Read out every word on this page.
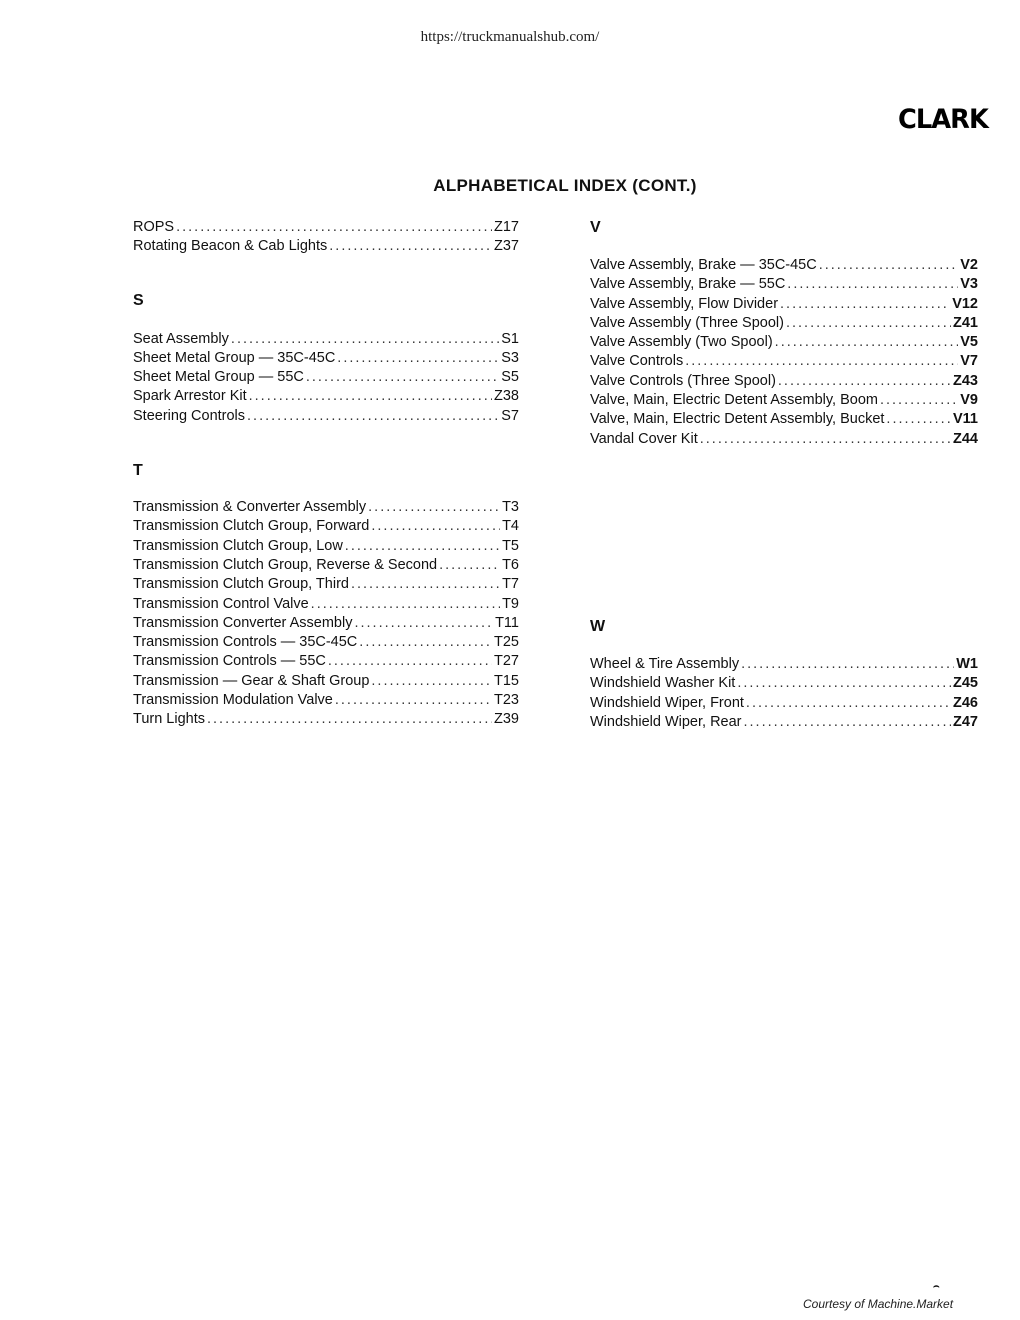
https://truckmanualshub.com/
CLARK
ALPHABETICAL INDEX (CONT.)
ROPS .....	Z17
Rotating Beacon & Cab Lights .....	Z37
S
Seat Assembly .....	S1
Sheet Metal Group — 35C-45C .....	S3
Sheet Metal Group — 55C .....	S5
Spark Arrestor Kit .....	Z38
Steering Controls .....	S7
T
Transmission & Converter Assembly .....	T3
Transmission Clutch Group, Forward .....	T4
Transmission Clutch Group, Low .....	T5
Transmission Clutch Group, Reverse & Second .....	T6
Transmission Clutch Group, Third .....	T7
Transmission Control Valve .....	T9
Transmission Converter Assembly .....	T11
Transmission Controls — 35C-45C .....	T25
Transmission Controls — 55C .....	T27
Transmission — Gear & Shaft Group .....	T15
Transmission Modulation Valve .....	T23
Turn Lights .....	Z39
V
Valve Assembly, Brake — 35C-45C .....	V2
Valve Assembly, Brake — 55C .....	V3
Valve Assembly, Flow Divider .....	V12
Valve Assembly (Three Spool) .....	Z41
Valve Assembly (Two Spool) .....	V5
Valve Controls .....	V7
Valve Controls (Three Spool) .....	Z43
Valve, Main, Electric Detent Assembly, Boom .....	V9
Valve, Main, Electric Detent Assembly, Bucket .....	V11
Vandal Cover Kit .....	Z44
W
Wheel & Tire Assembly .....	W1
Windshield Washer Kit .....	Z45
Windshield Wiper, Front .....	Z46
Windshield Wiper, Rear .....	Z47
⌢
Courtesy of Machine.Market
